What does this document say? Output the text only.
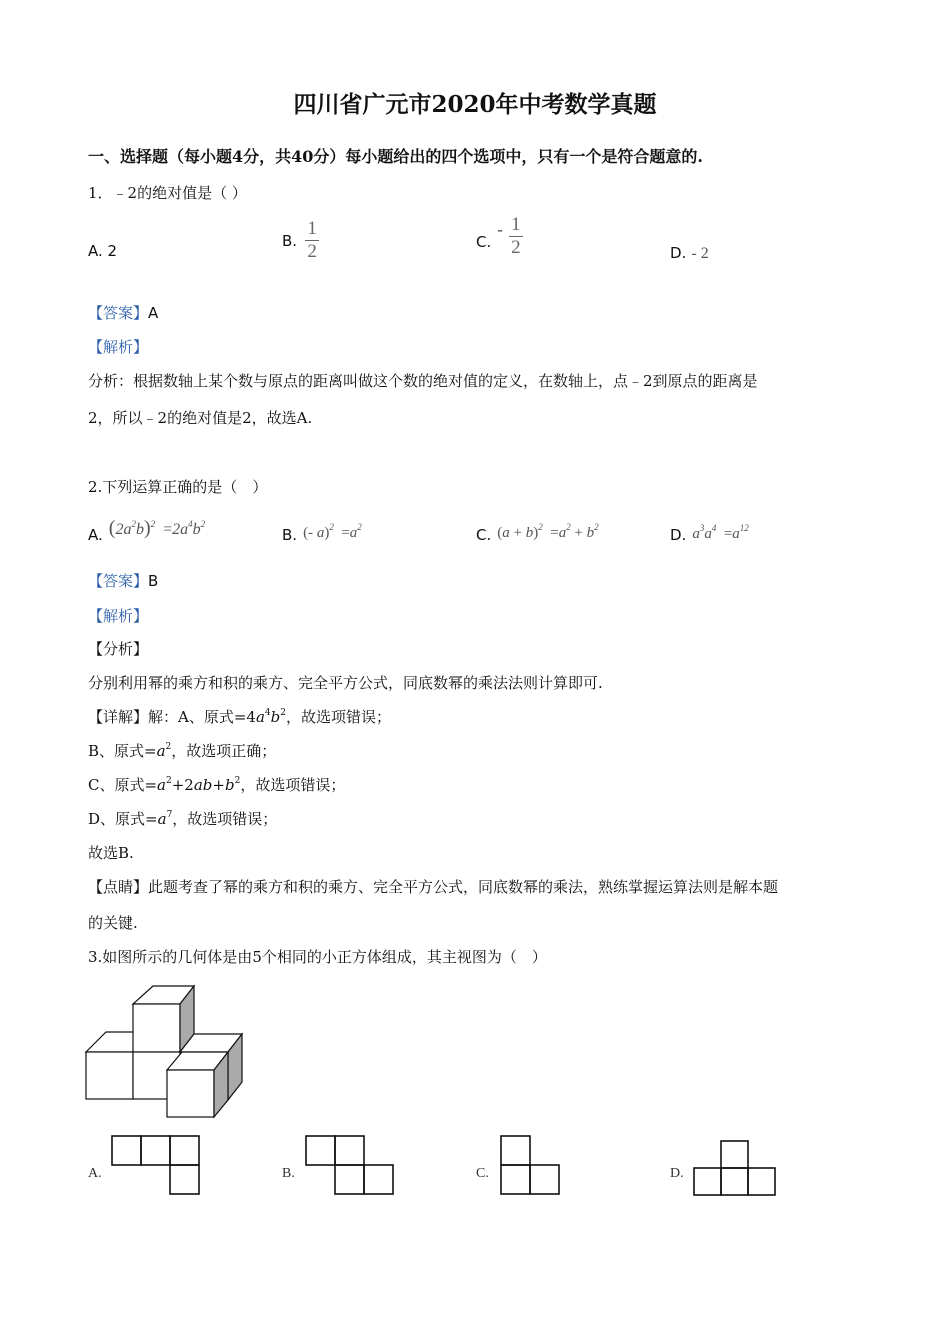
四川省广元市2020年中考数学真题
一、选择题（每小题4分，共40分）每小题给出的四个选项中，只有一个是符合题意的.
1．﹣2的绝对值是（ ）
A. 2
B. $\frac{1}{2}$	C.
- $\frac{1}{2}$	D. - 2
【答案】A
【解析】
分析：根据数轴上某个数与原点的距离叫做这个数的绝对值的定义，在数轴上，点﹣2到原点的距离是
2，所以﹣2的绝对值是2，故选A.
2.下列运算正确的是（　）
A. $(2a^2b)^2 =2a^4b^2$
B. (- $a)^2 =a^2$	C. $(a + b)^2 =a^2 + b^2$	D. $a^3a^4 =a^{12}$
【答案】B
【解析】
【分析】
分别利用幂的乘方和积的乘方、完全平方公式，同底数幂的乘法法则计算即可.
【详解】解：A、原式$=4a^4b^2$，故选项错误；
B、原式$=a^2$，故选项正确；
C、原式$=a^2+2ab+b^2$，故选项错误；
D、原式$=a^7$，故选项错误；
故选B.
【点睛】此题考查了幂的乘方和积的乘方、完全平方公式，同底数幂的乘法，熟练掌握运算法则是解本题
的关键.
3.如图所示的几何体是由5个相同的小正方体组成，其主视图为（　）
A.	B.	C.	D.
